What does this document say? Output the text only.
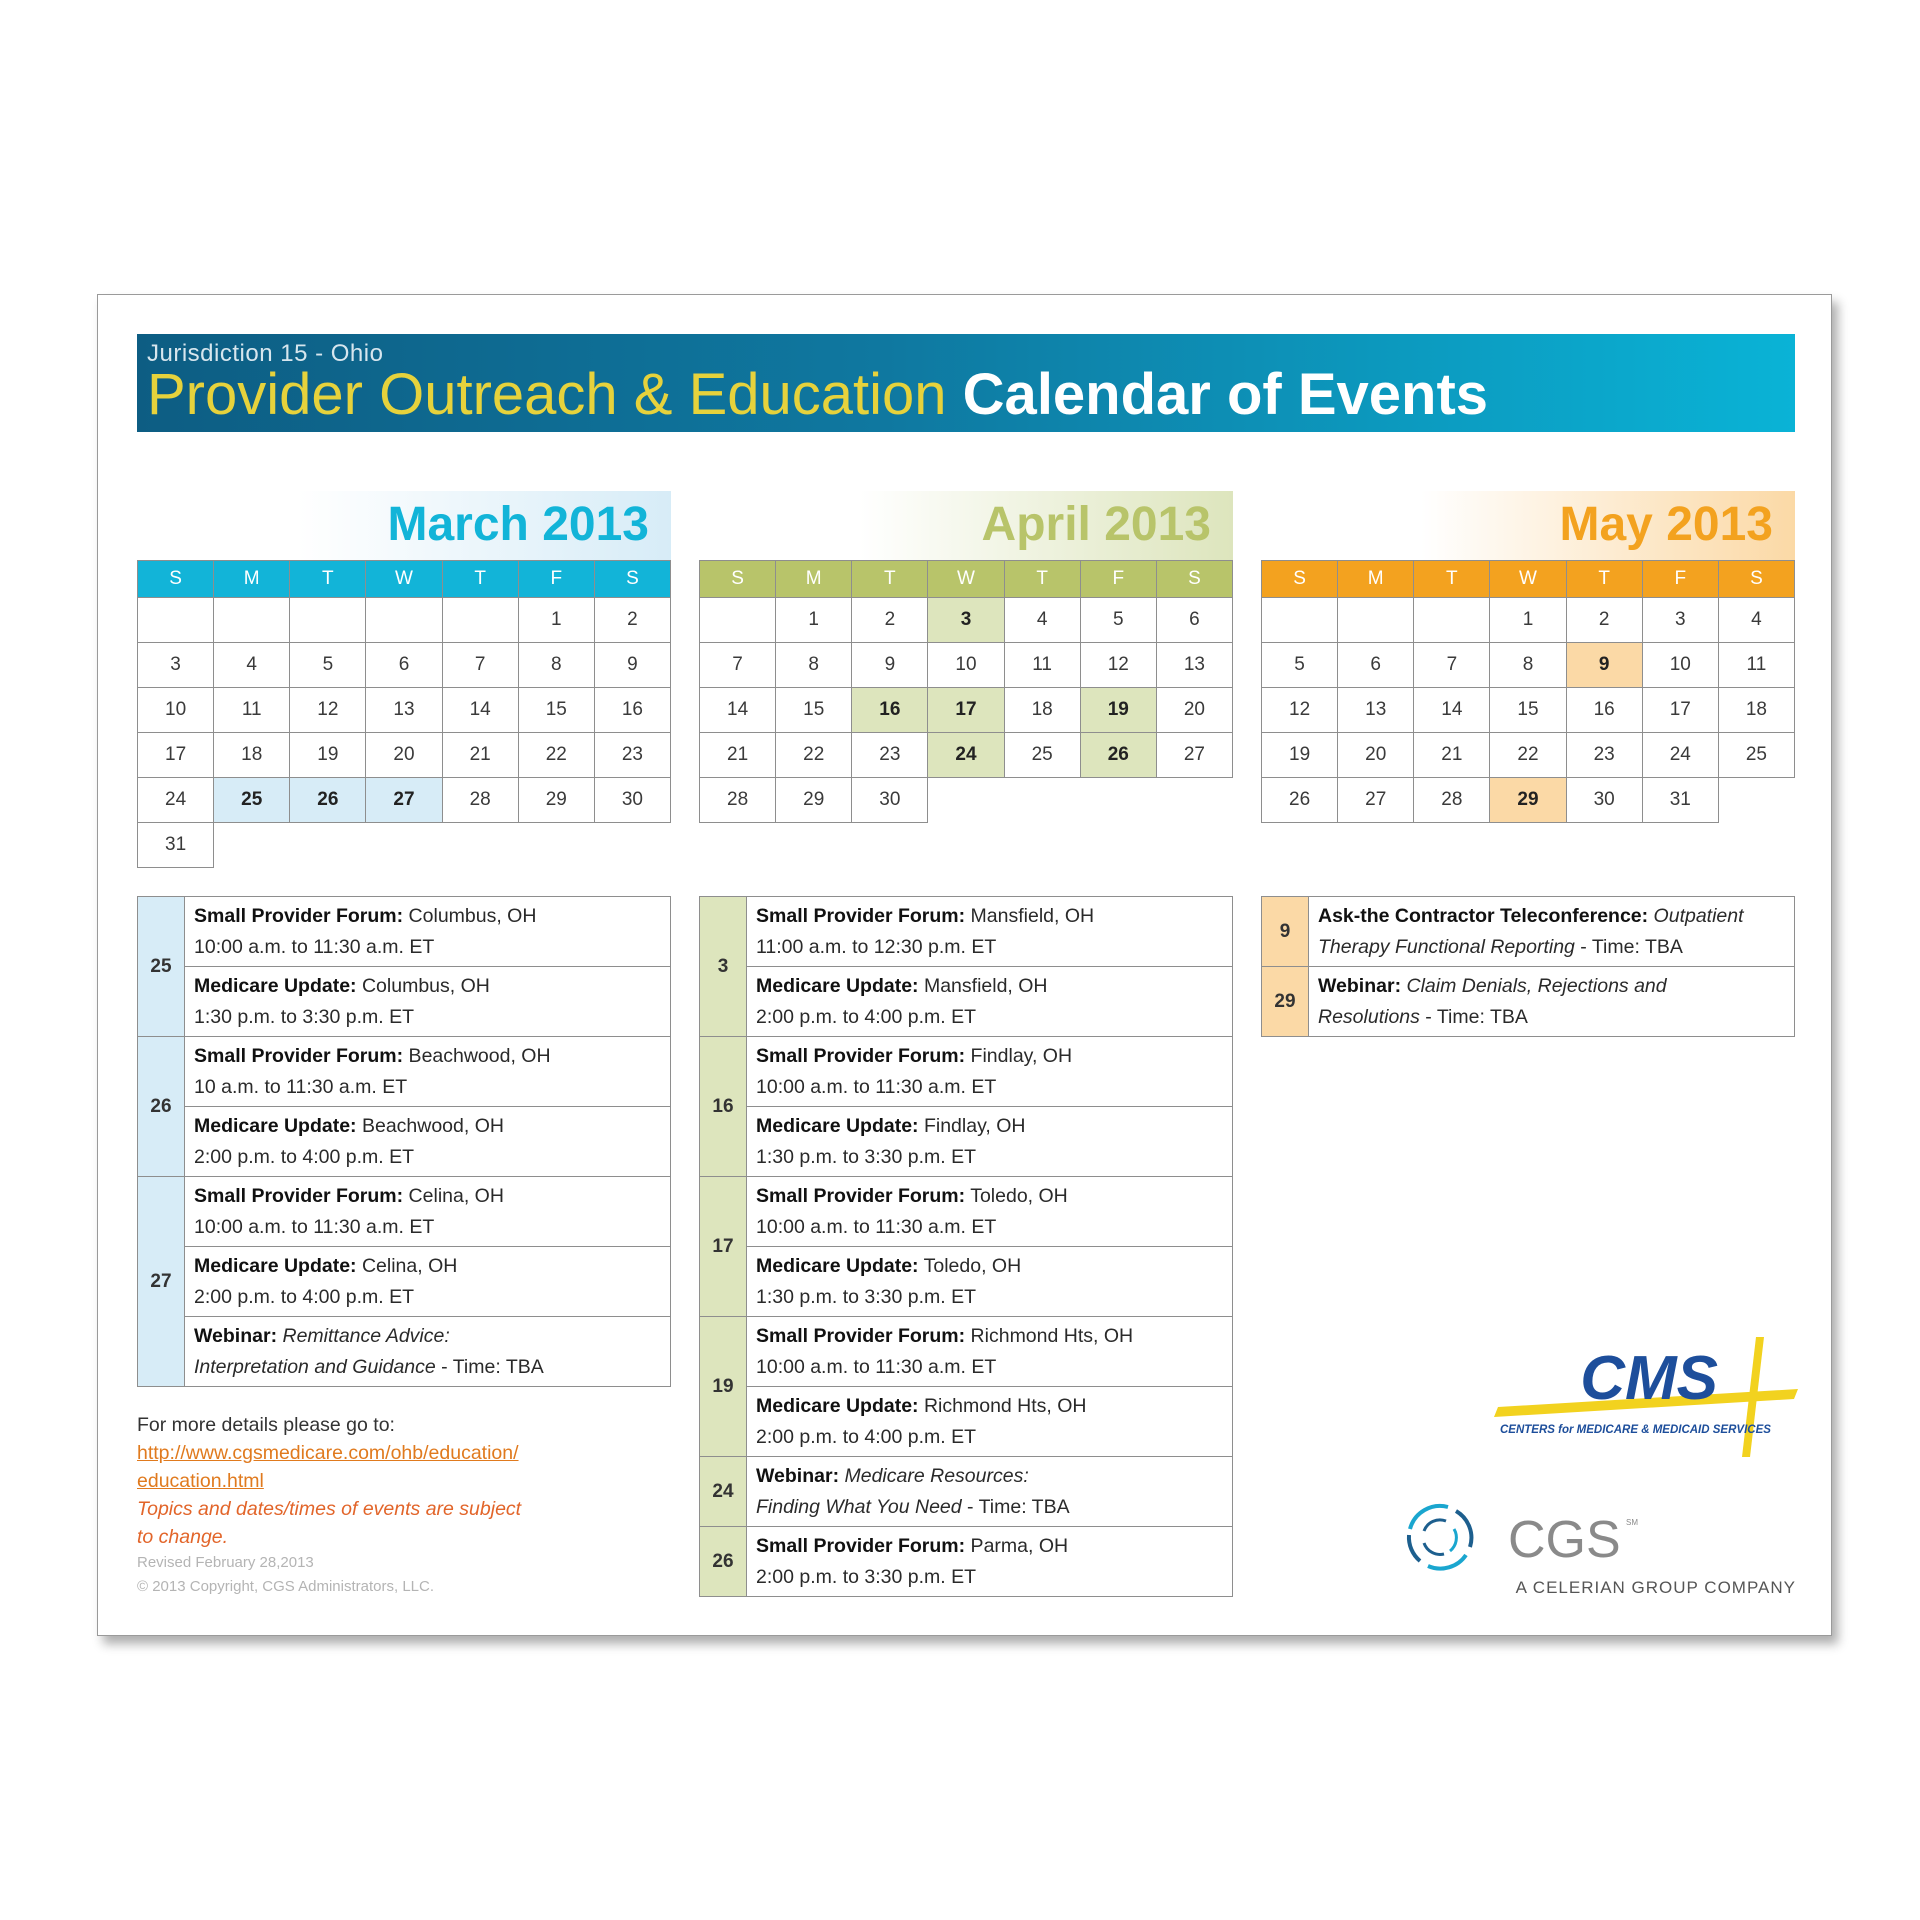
Jurisdiction 15 - Ohio
Provider Outreach & Education Calendar of Events
March 2013
S	M	T	W	T	F	S
					1	2
3	4	5	6	7	8	9
10	11	12	13	14	15	16
17	18	19	20	21	22	23
24	25	26	27	28	29	30
31						
April 2013
S	M	T	W	T	F	S
	1	2	3	4	5	6
7	8	9	10	11	12	13
14	15	16	17	18	19	20
21	22	23	24	25	26	27
28	29	30				
May 2013
S	M	T	W	T	F	S
			1	2	3	4
5	6	7	8	9	10	11
12	13	14	15	16	17	18
19	20	21	22	23	24	25
26	27	28	29	30	31	
25	Small Provider Forum: Columbus, OH
10:00 a.m. to 11:30 a.m. ET
	Medicare Update: Columbus, OH
1:30 p.m. to 3:30 p.m. ET
26	Small Provider Forum: Beachwood, OH
10 a.m. to 11:30 a.m. ET
	Medicare Update: Beachwood, OH
2:00 p.m. to 4:00 p.m. ET
27	Small Provider Forum: Celina, OH
10:00 a.m. to 11:30 a.m. ET
	Medicare Update: Celina, OH
2:00 p.m. to 4:00 p.m. ET
	Webinar: Remittance Advice:
Interpretation and Guidance - Time: TBA
3	Small Provider Forum: Mansfield, OH
11:00 a.m. to 12:30 p.m. ET
	Medicare Update: Mansfield, OH
2:00 p.m. to 4:00 p.m. ET
16	Small Provider Forum: Findlay, OH
10:00 a.m. to 11:30 a.m. ET
	Medicare Update: Findlay, OH
1:30 p.m. to 3:30 p.m. ET
17	Small Provider Forum: Toledo, OH
10:00 a.m. to 11:30 a.m. ET
	Medicare Update: Toledo, OH
1:30 p.m. to 3:30 p.m. ET
19	Small Provider Forum: Richmond Hts, OH
10:00 a.m. to 11:30 a.m. ET
	Medicare Update: Richmond Hts, OH
2:00 p.m. to 4:00 p.m. ET
24	Webinar: Medicare Resources:
Finding What You Need - Time: TBA
26	Small Provider Forum: Parma, OH
2:00 p.m. to 3:30 p.m. ET
9	Ask-the Contractor Teleconference: Outpatient
Therapy Functional Reporting - Time: TBA
29	Webinar: Claim Denials, Rejections and
Resolutions - Time: TBA
For more details please go to:
http://www.cgsmedicare.com/ohb/education/
education.html
Topics and dates/times of events are subject
to change.
Revised February 28,2013
© 2013 Copyright, CGS Administrators, LLC.
CMS
CENTERS for MEDICARE & MEDICAID SERVICES
CGS SM
A CELERIAN GROUP COMPANY
